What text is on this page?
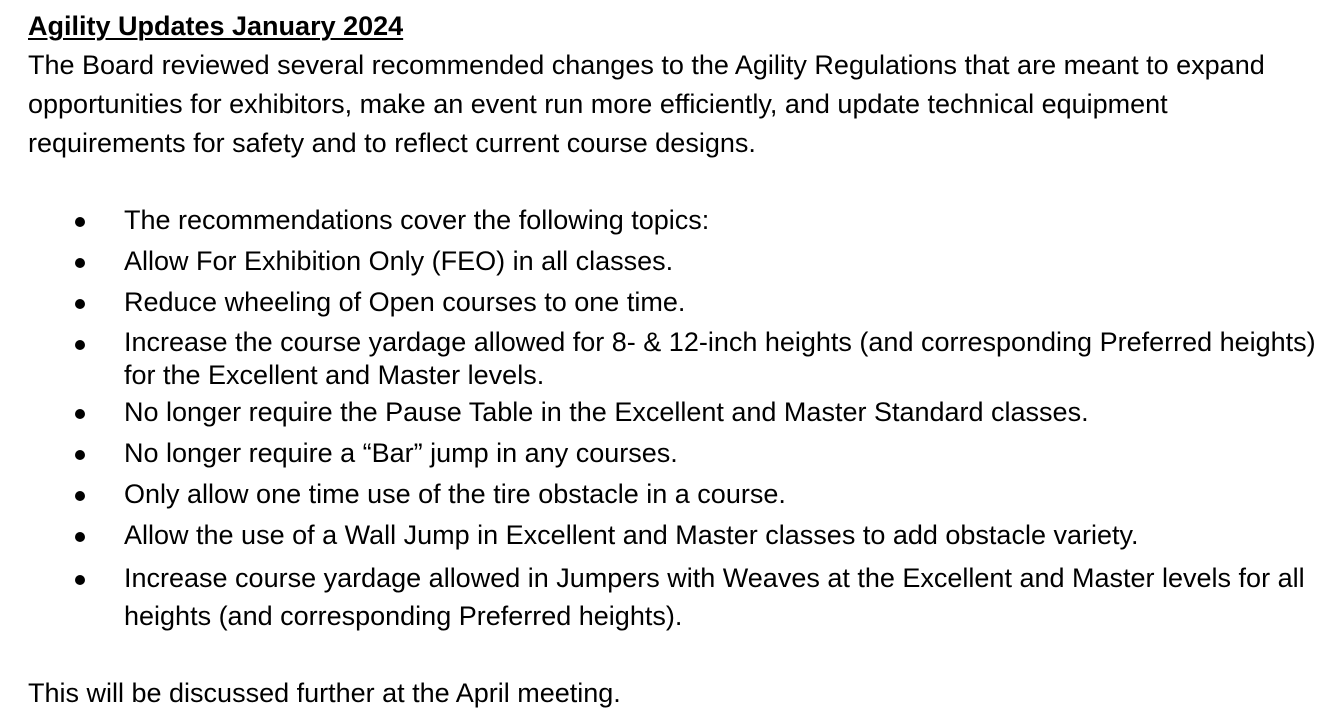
Agility Updates January 2024

The Board reviewed several recommended changes to the Agility Regulations that are meant to expand opportunities for exhibitors, make an event run more efficiently, and update technical equipment requirements for safety and to reflect current course designs.

The recommendations cover the following topics:
Allow For Exhibition Only (FEO) in all classes.
Reduce wheeling of Open courses to one time.
Increase the course yardage allowed for 8- & 12-inch heights (and corresponding Preferred heights) for the Excellent and Master levels.
No longer require the Pause Table in the Excellent and Master Standard classes.
No longer require a “Bar” jump in any courses.
Only allow one time use of the tire obstacle in a course.
Allow the use of a Wall Jump in Excellent and Master classes to add obstacle variety.
Increase course yardage allowed in Jumpers with Weaves at the Excellent and Master levels for all heights (and corresponding Preferred heights).

This will be discussed further at the April meeting.
